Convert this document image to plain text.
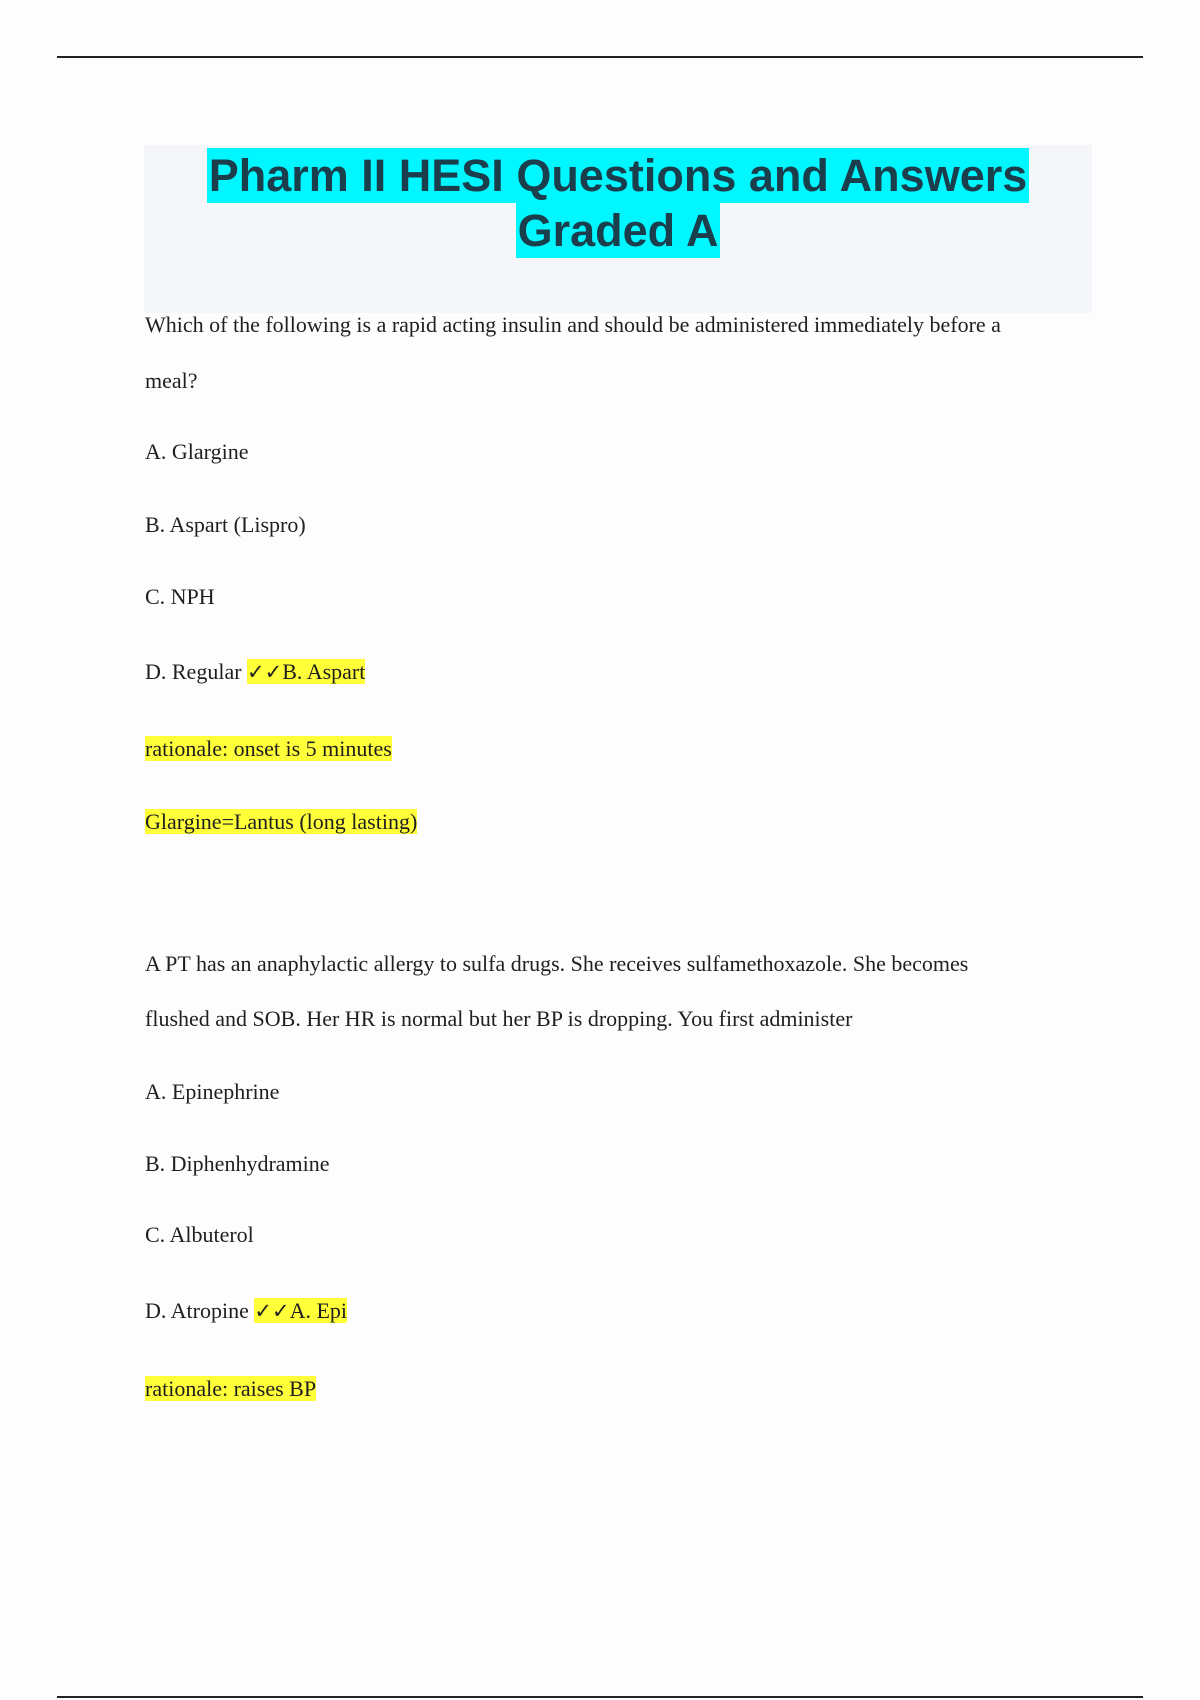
Pharm II HESI Questions and Answers
Graded A
Which of the following is a rapid acting insulin and should be administered immediately before a
meal?
A. Glargine
B. Aspart (Lispro)
C. NPH
D. Regular ✓✓B. Aspart
rationale: onset is 5 minutes
Glargine=Lantus (long lasting)
A PT has an anaphylactic allergy to sulfa drugs. She receives sulfamethoxazole. She becomes
flushed and SOB. Her HR is normal but her BP is dropping. You first administer
A. Epinephrine
B. Diphenhydramine
C. Albuterol
D. Atropine ✓✓A. Epi
rationale: raises BP
